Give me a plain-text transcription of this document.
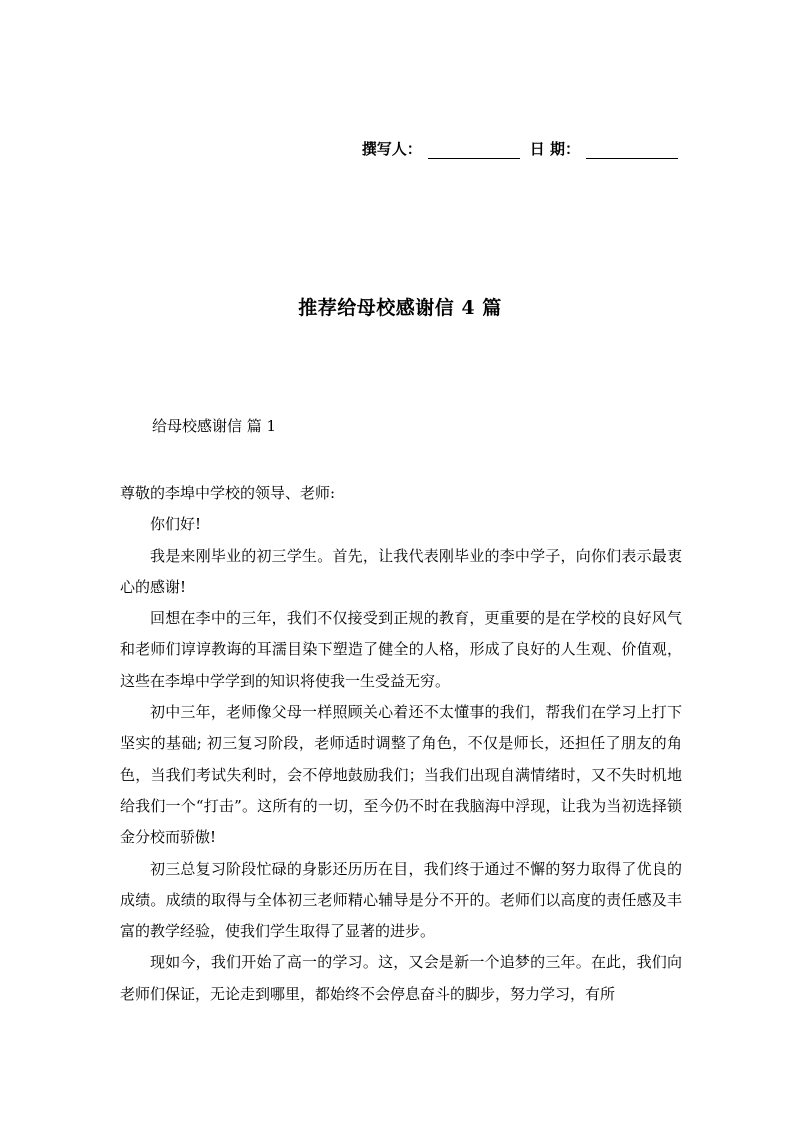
撰写人：	日 期：
推荐给母校感谢信 4 篇
给母校感谢信 篇 1

尊敬的李埠中学校的领导、老师:

你们好!

我是来刚毕业的初三学生。首先，让我代表刚毕业的李中学子，向你们表示最衷心的感谢!

回想在李中的三年，我们不仅接受到正规的教育，更重要的是在学校的良好风气和老师们谆谆教诲的耳濡目染下塑造了健全的人格，形成了良好的人生观、价值观，这些在李埠中学学到的知识将使我一生受益无穷。

初中三年，老师像父母一样照顾关心着还不太懂事的我们，帮我们在学习上打下坚实的基础; 初三复习阶段，老师适时调整了角色，不仅是师长，还担任了朋友的角色，当我们考试失利时，会不停地鼓励我们；当我们出现自满情绪时，又不失时机地给我们一个“打击”。这所有的一切，至今仍不时在我脑海中浮现，让我为当初选择锁金分校而骄傲!

初三总复习阶段忙碌的身影还历历在目，我们终于通过不懈的努力取得了优良的成绩。成绩的取得与全体初三老师精心辅导是分不开的。老师们以高度的责任感及丰富的教学经验，使我们学生取得了显著的进步。

现如今，我们开始了高一的学习。这，又会是新一个追梦的三年。在此，我们向老师们保证，无论走到哪里，都始终不会停息奋斗的脚步，努力学习，有所
